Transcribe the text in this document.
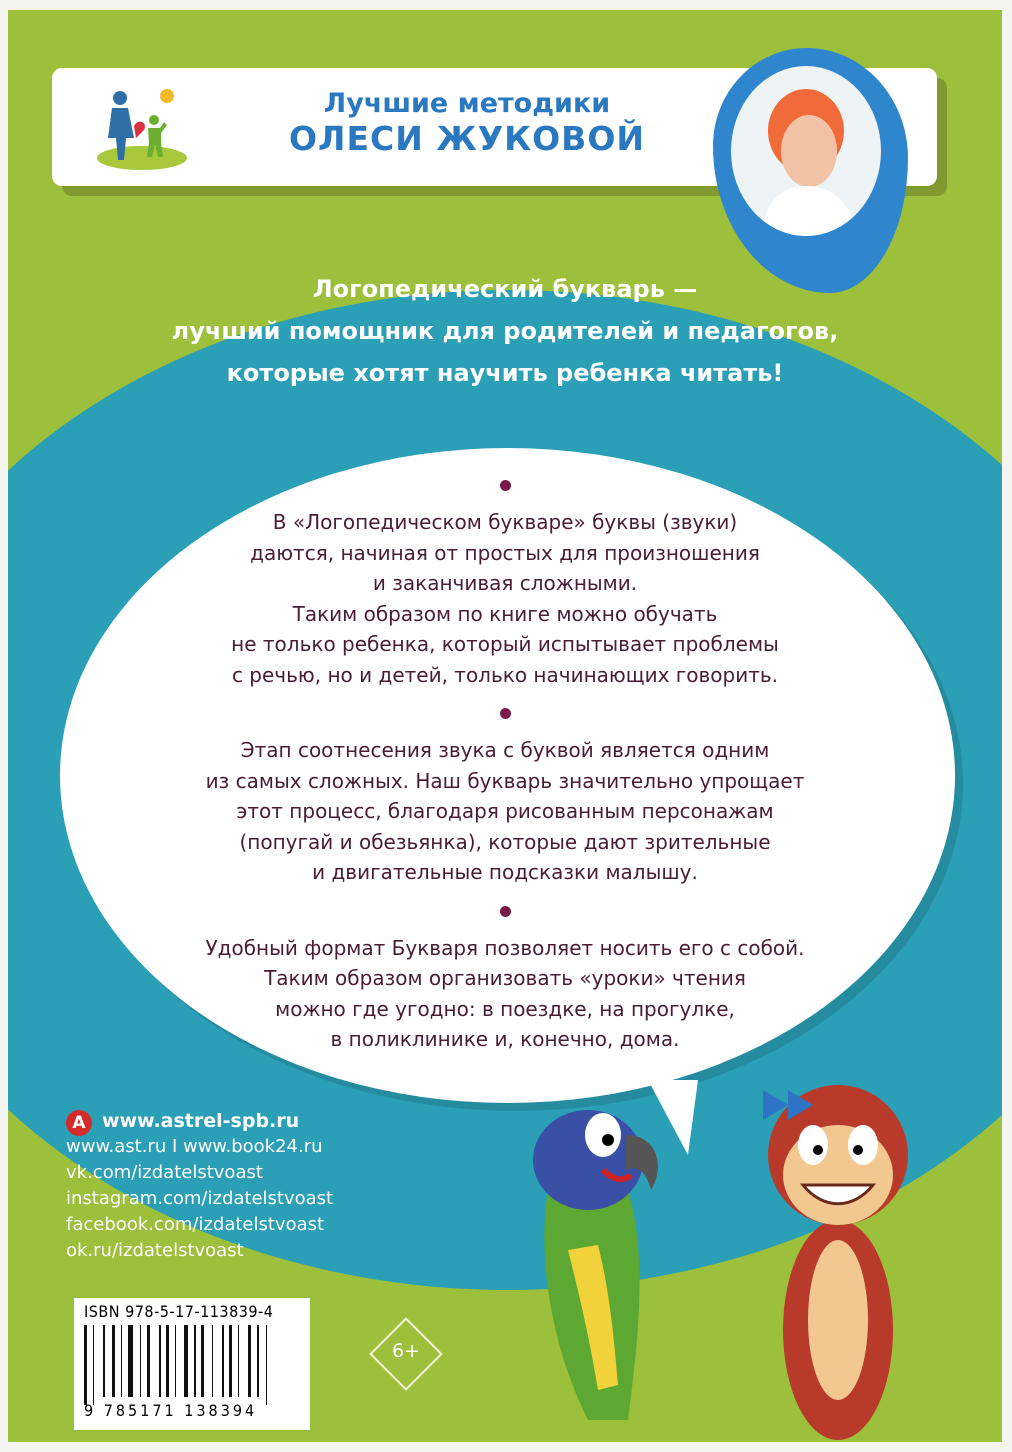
Лучшие методики
ОЛЕСИ ЖУКОВОЙ
Логопедический букварь —
лучший помощник для родителей и педагогов,
которые хотят научить ребенка читать!
В «Логопедическом букваре» буквы (звуки)
даются, начиная от простых для произношения
и заканчивая сложными.
Таким образом по книге можно обучать
не только ребенка, который испытывает проблемы
с речью, но и детей, только начинающих говорить.
Этап соотнесения звука с буквой является одним
из самых сложных. Наш букварь значительно упрощает
этот процесс, благодаря рисованным персонажам
(попугай и обезьянка), которые дают зрительные
и двигательные подсказки малышу.
Удобный формат Букваря позволяет носить его с собой.
Таким образом организовать «уроки» чтения
можно где угодно: в поездке, на прогулке,
в поликлинике и, конечно, дома.
А www.astrel-spb.ru
www.ast.ru I www.book24.ru
vk.com/izdatelstvoast
instagram.com/izdatelstvoast
facebook.com/izdatelstvoast
ok.ru/izdatelstvoast
ISBN 978-5-17-113839-4
9 785171 138394
6+
